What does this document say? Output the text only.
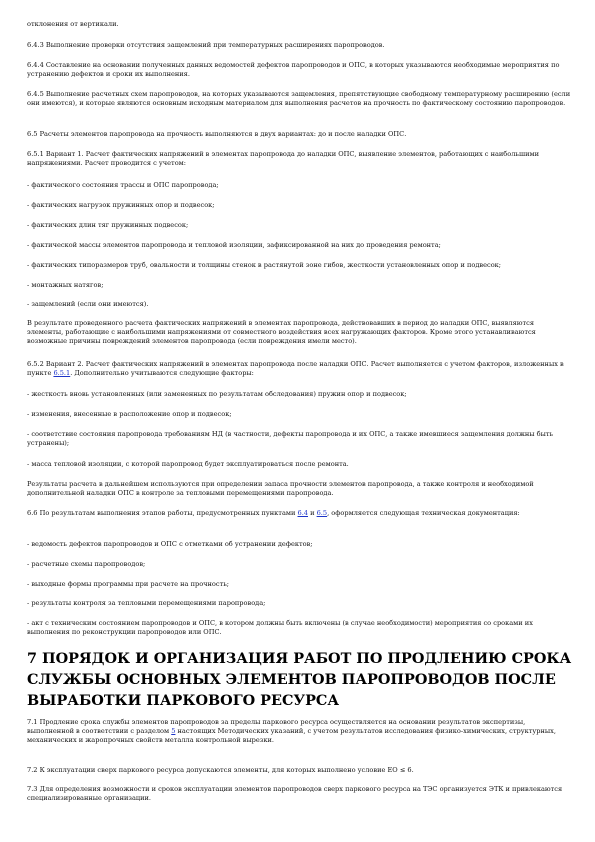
отклонения от вертикали.

6.4.3 Выполнение проверки отсутствия защемлений при температурных расширениях паропроводов.

6.4.4 Составление на основании полученных данных ведомостей дефектов паропроводов и ОПС, в которых указываются необходимые мероприятия по устранению дефектов и сроки их выполнения.

6.4.5 Выполнение расчетных схем паропроводов, на которых указываются защемления, препятствующие свободному температурному расширению (если они имеются), и которые являются основным исходным материалом для выполнения расчетов на прочность по фактическому состоянию паропроводов.

6.5 Расчеты элементов паропровода на прочность выполняются в двух вариантах: до и после наладки ОПС.

6.5.1 Вариант 1. Расчет фактических напряжений в элементах паропровода до наладки ОПС, выявление элементов, работающих с наибольшими напряжениями. Расчет проводится с учетом:

- фактического состояния трассы и ОПС паропровода;

- фактических нагрузок пружинных опор и подвесок;

- фактических длин тяг пружинных подвесок;

- фактической массы элементов паропровода и тепловой изоляции, зафиксированной на них до проведения ремонта;

- фактических типоразмеров труб, овальности и толщины стенок в растянутой зоне гибов, жесткости установленных опор и подвесок;

- монтажных натягов;

- защемлений (если они имеются).

В результате проведенного расчета фактических напряжений в элементах паропровода, действовавших в период до наладки ОПС, выявляются элементы, работающие с наибольшими напряжениями от совместного воздействия всех нагружающих факторов. Кроме этого устанавливаются возможные причины повреждений элементов паропровода (если повреждения имели место).

6.5.2 Вариант 2. Расчет фактических напряжений в элементах паропровода после наладки ОПС. Расчет выполняется с учетом факторов, изложенных в пункте 6.5.1. Дополнительно учитываются следующие факторы:

- жесткость вновь установленных (или замененных по результатам обследования) пружин опор и подвесок;

- изменения, внесенные в расположение опор и подвесок;

- соответствие состояния паропровода требованиям НД (в частности, дефекты паропровода и их ОПС, а также имевшиеся защемления должны быть устранены);

- масса тепловой изоляции, с которой паропровод будет эксплуатироваться после ремонта.

Результаты расчета в дальнейшем используются при определении запаса прочности элементов паропровода, а также контроля и необходимой дополнительной наладки ОПС в контроле за тепловыми перемещениями паропровода.

6.6 По результатам выполнения этапов работы, предусмотренных пунктами 6.4 и 6.5, оформляется следующая техническая документация:

- ведомость дефектов паропроводов и ОПС с отметками об устранении дефектов;

- расчетные схемы паропроводов;

- выходные формы программы при расчете на прочность;

- результаты контроля за тепловыми перемещениями паропровода;

- акт с техническим состоянием паропроводов и ОПС, в котором должны быть включены (в случае необходимости) мероприятия со сроками их выполнения по реконструкции паропроводов или ОПС.

7 ПОРЯДОК И ОРГАНИЗАЦИЯ РАБОТ ПО ПРОДЛЕНИЮ СРОКА СЛУЖБЫ ОСНОВНЫХ ЭЛЕМЕНТОВ ПАРОПРОВОДОВ ПОСЛЕ ВЫРАБОТКИ ПАРКОВОГО РЕСУРСА

7.1 Продление срока службы элементов паропроводов за пределы паркового ресурса осуществляется на основании результатов экспертизы, выполненной в соответствии с разделом 5 настоящих Методических указаний, с учетом результатов исследования физико-химических, структурных, механических и жаропрочных свойств металла контрольной вырезки.

7.2 К эксплуатации сверх паркового ресурса допускаются элементы, для которых выполнено условие ЕО ≤ 6.

7.3 Для определения возможности и сроков эксплуатации элементов паропроводов сверх паркового ресурса на ТЭС организуется ЭТК и привлекаются специализированные организации.
